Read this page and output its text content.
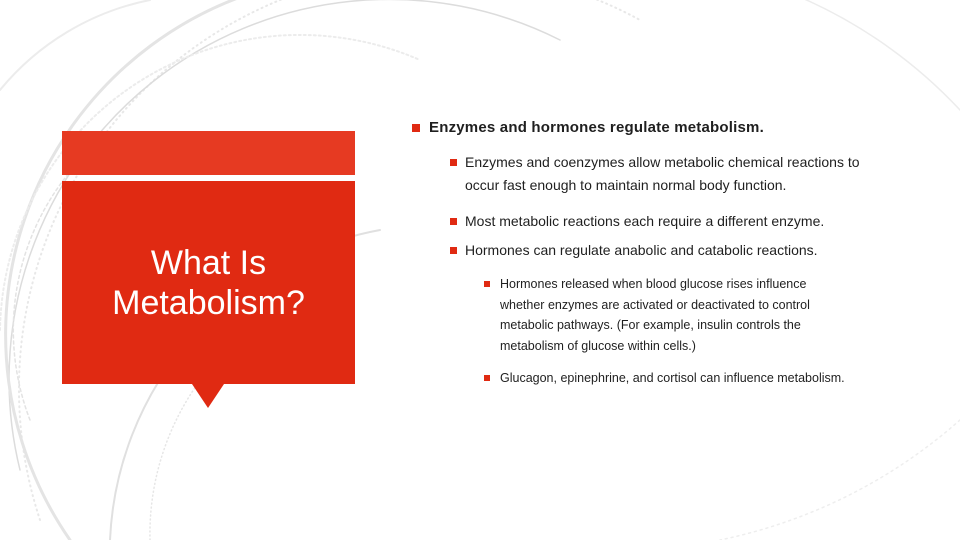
What Is Metabolism?
Enzymes and hormones regulate metabolism.
Enzymes and coenzymes allow metabolic chemical reactions to occur fast enough to maintain normal body function.
Most metabolic reactions each require a different enzyme.
Hormones can regulate anabolic and catabolic reactions.
Hormones released when blood glucose rises influence whether enzymes are activated or deactivated to control metabolic pathways. (For example, insulin controls the metabolism of glucose within cells.)
Glucagon, epinephrine, and cortisol can influence metabolism.
